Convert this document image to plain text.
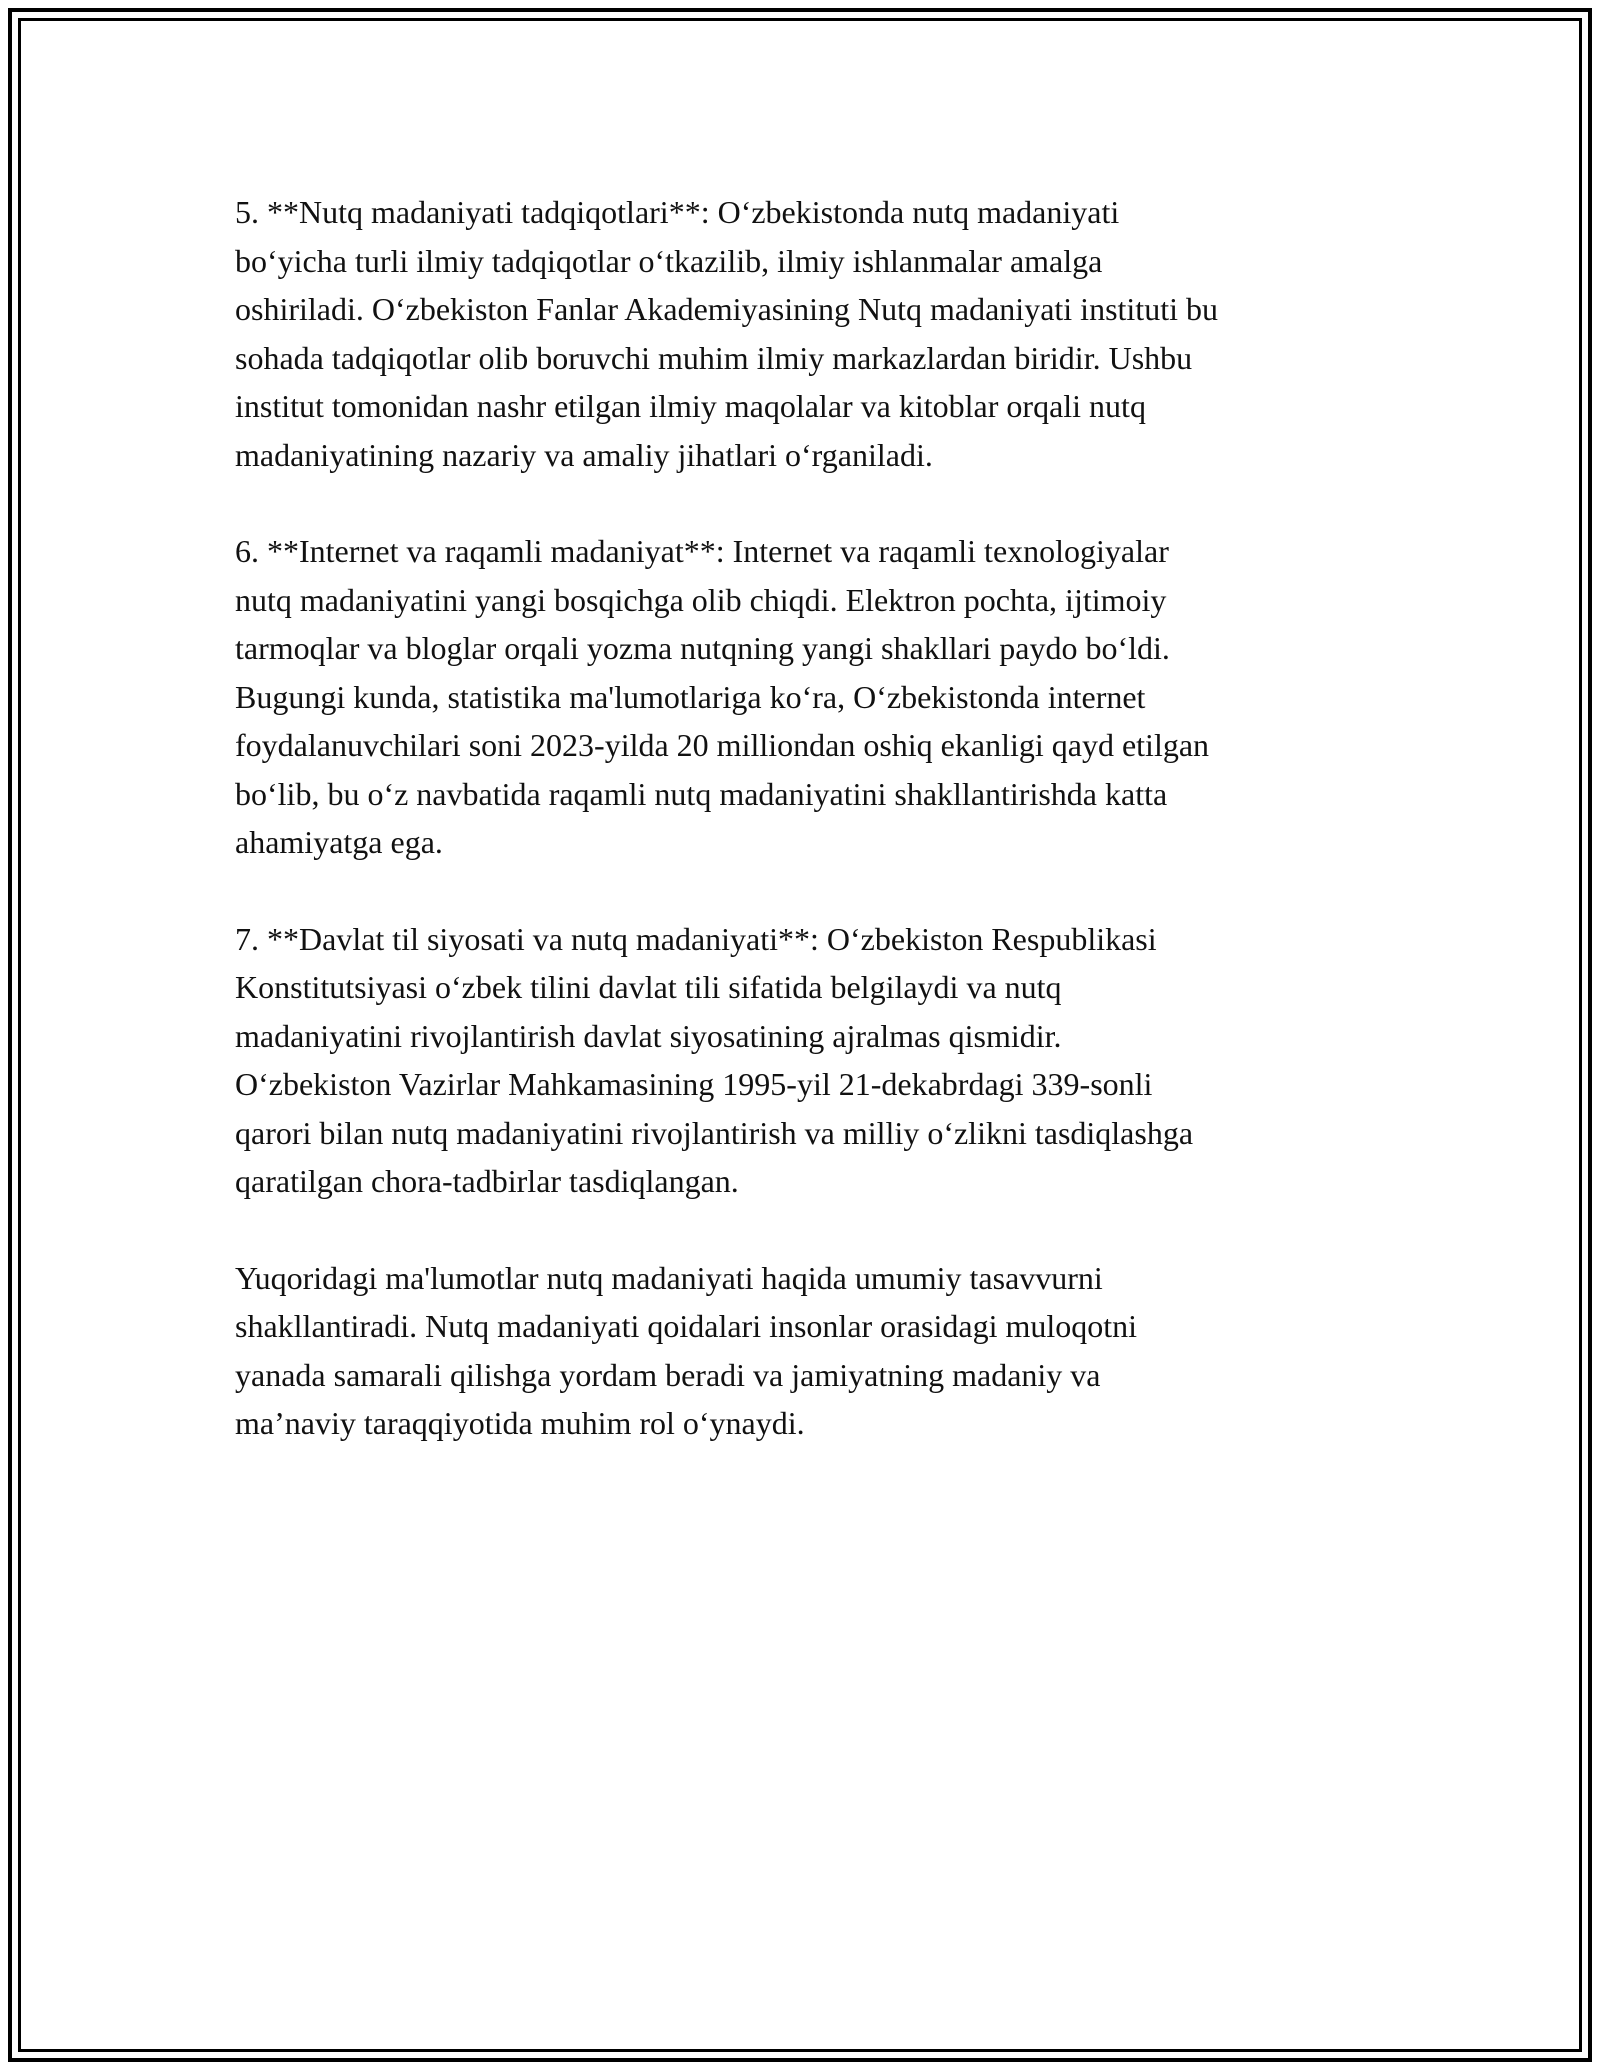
5. **Nutq madaniyati tadqiqotlari**: O‘zbekistonda nutq madaniyati
bo‘yicha turli ilmiy tadqiqotlar o‘tkazilib, ilmiy ishlanmalar amalga
oshiriladi. O‘zbekiston Fanlar Akademiyasining Nutq madaniyati instituti bu
sohada tadqiqotlar olib boruvchi muhim ilmiy markazlardan biridir. Ushbu
institut tomonidan nashr etilgan ilmiy maqolalar va kitoblar orqali nutq
madaniyatining nazariy va amaliy jihatlari o‘rganiladi.

6. **Internet va raqamli madaniyat**: Internet va raqamli texnologiyalar
nutq madaniyatini yangi bosqichga olib chiqdi. Elektron pochta, ijtimoiy
tarmoqlar va bloglar orqali yozma nutqning yangi shakllari paydo bo‘ldi.
Bugungi kunda, statistika ma'lumotlariga ko‘ra, O‘zbekistonda internet
foydalanuvchilari soni 2023-yilda 20 milliondan oshiq ekanligi qayd etilgan
bo‘lib, bu o‘z navbatida raqamli nutq madaniyatini shakllantirishda katta
ahamiyatga ega.

7. **Davlat til siyosati va nutq madaniyati**: O‘zbekiston Respublikasi
Konstitutsiyasi o‘zbek tilini davlat tili sifatida belgilaydi va nutq
madaniyatini rivojlantirish davlat siyosatining ajralmas qismidir.
O‘zbekiston Vazirlar Mahkamasining 1995-yil 21-dekabrdagi 339-sonli
qarori bilan nutq madaniyatini rivojlantirish va milliy o‘zlikni tasdiqlashga
qaratilgan chora-tadbirlar tasdiqlangan.

Yuqoridagi ma'lumotlar nutq madaniyati haqida umumiy tasavvurni
shakllantiradi. Nutq madaniyati qoidalari insonlar orasidagi muloqotni
yanada samarali qilishga yordam beradi va jamiyatning madaniy va
ma’naviy taraqqiyotida muhim rol o‘ynaydi.
